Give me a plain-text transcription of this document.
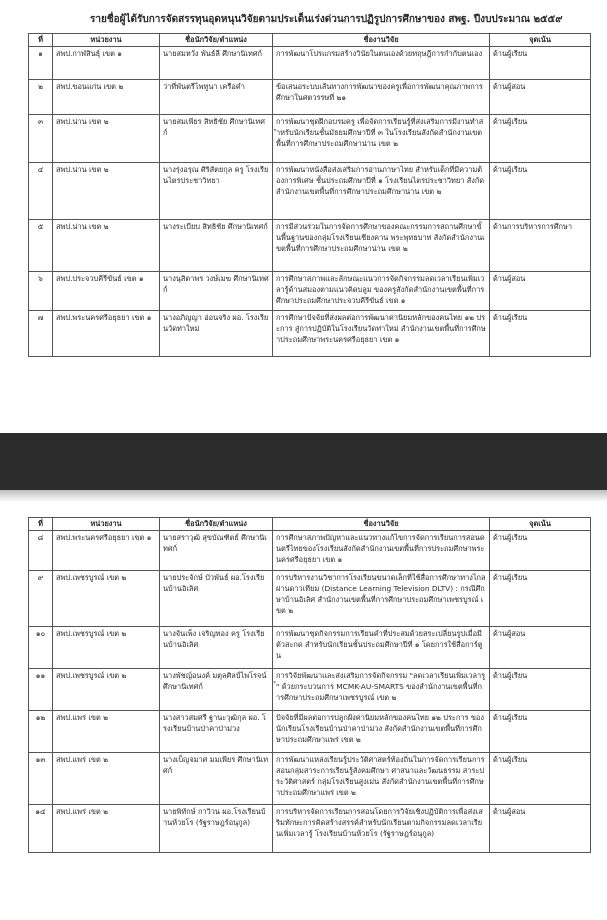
รายชื่อผู้ได้รับการจัดสรรทุนอุดหนุนวิจัยตามประเด็นเร่งด่วนการปฏิรูปการศึกษาของ สพฐ. ปีงบประมาณ ๒๕๕๙
ที่	หน่วยงาน	ชื่อนักวิจัย/ตำแหน่ง	ชื่องานวิจัย	จุดเน้น
๑	สพป.กาฬสินธุ์ เขต ๑	นายสมหวัง พันธ์ลี ศึกษานิเทศก์	การพัฒนาโปรแกรมสร้างวินัยในตนเองด้วยทฤษฎีการกำกับตนเอง	ด้านผู้เรียน
๒	สพป.ขอนแก่น เขต ๒	ว่าที่พันตรีไพทูนา เครือคำ	ข้อเสนอระบบเส้นทางการพัฒนาของครูเพื่อการพัฒนาคุณภาพการศึกษาในศตวรรษที่ ๒๑	ด้านผู้สอน
๓	สพป.น่าน เขต ๒	นายสมเพียร สิทธิชัย ศึกษานิเทศก์	การพัฒนาชุดฝึกอบรมครู เพื่อจัดการเรียนรู้ที่ส่งเสริมการมีงานทำสำหรับนักเรียนชั้นมัธยมศึกษาปีที่ ๓ ในโรงเรียนสังกัดสำนักงานเขตพื้นที่การศึกษาประถมศึกษาน่าน เขต ๒	ด้านผู้เรียน
๔	สพป.น่าน เขต ๒	นางรุ่งอรุณ ศิริสัตยกุล ครู โรงเรียนไตรประชาวิทยา	การพัฒนาหนังสือส่งเสริมการอ่านภาษาไทย สำหรับเด็กที่มีความต้องการพิเศษ ชั้นประถมศึกษาปีที่ ๑ โรงเรียนไตรประชาวิทยา สังกัดสำนักงานเขตพื้นที่การศึกษาประถมศึกษาน่าน เขต ๒	ด้านผู้เรียน
๕	สพป.น่าน เขต ๒	นางระเบียบ สิทธิชัย ศึกษานิเทศก์	การมีส่วนร่วมในการจัดการศึกษาของคณะกรรมการสถานศึกษาขั้นพื้นฐานของกลุ่มโรงเรียนเชียงคาน พระพุทธบาท สังกัดสำนักงานเขตพื้นที่การศึกษาประถมศึกษาน่าน เขต ๒	ด้านการบริหารการศึกษา
๖	สพป.ประจวบคีรีขันธ์ เขต ๑	นางนุสิตาพร วงษ์เมฆ ศึกษานิเทศก์	การศึกษาสภาพและลักษณะแนวการจัดกิจกรรมลดเวลาเรียนเพิ่มเวลารู้ด้านสมองตามแนวคิดบลูม ของครูสังกัดสำนักงานเขตพื้นที่การศึกษาประถมศึกษาประจวบคีรีขันธ์ เขต ๑	ด้านผู้สอน
๗	สพป.พระนครศรีอยุธยา เขต ๑	นางอภิญญา อ่อนจริง ผอ. โรงเรียนวัดท่าใหม่	การศึกษาปัจจัยที่ส่งผลต่อการพัฒนาค่านิยมหลักของคนไทย ๑๒ ประการ สู่การปฏิบัติในโรงเรียนวัดท่าใหม่ สำนักงานเขตพื้นที่การศึกษาประถมศึกษาพระนครศรีอยุธยา เขต ๑	ด้านผู้เรียน
ที่	หน่วยงาน	ชื่อนักวิจัย/ตำแหน่ง	ชื่องานวิจัย	จุดเน้น
๘	สพป.พระนครศรีอยุธยา เขต ๑	นายสราวุฒิ สุขบัณฑิตย์ ศึกษานิเทศก์	การศึกษาสภาพปัญหาและแนวทางแก้ไขการจัดการเรียนการสอนดนตรีไทยของโรงเรียนสังกัดสำนักงานเขตพื้นที่การประถมศึกษาพระนครศรีอยุธยา เขต ๑	ด้านผู้เรียน
๙	สพป.เพชรบูรณ์ เขต ๒	นายประจักษ์ บัวพันธ์ ผอ.โรงเรียนบ้านอิเลิศ	การบริหารงานวิชาการโรงเรียนขนาดเล็กที่ใช้สื่อการศึกษาทางไกลผ่านดาวเทียม (Distance Learning Television DLTV) : กรณีศึกษาบ้านอิเลิศ สำนักงานเขตพื้นที่การศึกษาประถมศึกษาเพชรบูรณ์ เขต ๒	ด้านผู้เรียน
๑๐	สพป.เพชรบูรณ์ เขต ๒	นางจันเพ็ง เจริญทอง ครู โรงเรียนบ้านอิเลิศ	การพัฒนาชุดกิจกรรมการเรียนคำที่ประสมด้วยสระเปลี่ยนรูปเมื่อมีตัวสะกด สำหรับนักเรียนชั้นประถมศึกษาปีที่ ๑ โดยการใช้สื่อการ์ตูน	ด้านผู้สอน
๑๑	สพป.เพชรบูรณ์ เขต ๒	นางพัชญ์อนงค์ มตุลศิลป์ไพโรจน์ ศึกษานิเทศก์	การวิจัยพัฒนาและส่งเสริมการจัดกิจกรรม "ลดเวลาเรียนเพิ่มเวลารู้" ด้วยกระบวนการ MCMK-AU-SMARTS ของสำนักงานเขตพื้นที่การศึกษาประถมศึกษาเพชรบูรณ์ เขต ๒	ด้านผู้เรียน
๑๒	สพป.แพร่ เขต ๒	นางสาวสมศรี ฐานะวุฒิกุล ผอ. โรงเรียนบ้านป่าคาป่าม่วง	ปัจจัยที่มีผลต่อการปลูกฝังค่านิยมหลักของคนไทย ๑๒ ประการ ของนักเรียนโรงเรียนบ้านป่าคาป่าม่วง สังกัดสำนักงานเขตพื้นที่การศึกษาประถมศึกษาแพร่ เขต ๒	ด้านผู้เรียน
๑๓	สพป.แพร่ เขต ๒	นางเบ็ญจมาศ มมเพียร ศึกษานิเทศก์	การพัฒนาแหล่งเรียนรู้ประวัติศาสตร์ท้องถิ่นในการจัดการเรียนการสอนกลุ่มสาระการเรียนรู้สังคมศึกษา ศาสนาและวัฒนธรรม สาระประวัติศาสตร์ กลุ่มโรงเรียนสูงเม่น สังกัดสำนักงานเขตพื้นที่การศึกษาประถมศึกษาแพร่ เขต ๒	ด้านผู้เรียน
๑๔	สพป.แพร่ เขต ๒	นายพิทักษ์ กาวิวน ผอ.โรงเรียนบ้านห้วยโร (รัฐราษฎร์อนุกูล)	การบริหารจัดการเรียนการสอนโดยการวิจัยเชิงปฏิบัติการเพื่อส่งเสริมทักษะการคิดสร้างสรรค์สำหรับนักเรียนตามกิจกรรมลดเวลาเรียนเพิ่มเวลารู้ โรงเรียนบ้านห้วยโร (รัฐราษฎร์อนุกูล)	ด้านผู้สอน
